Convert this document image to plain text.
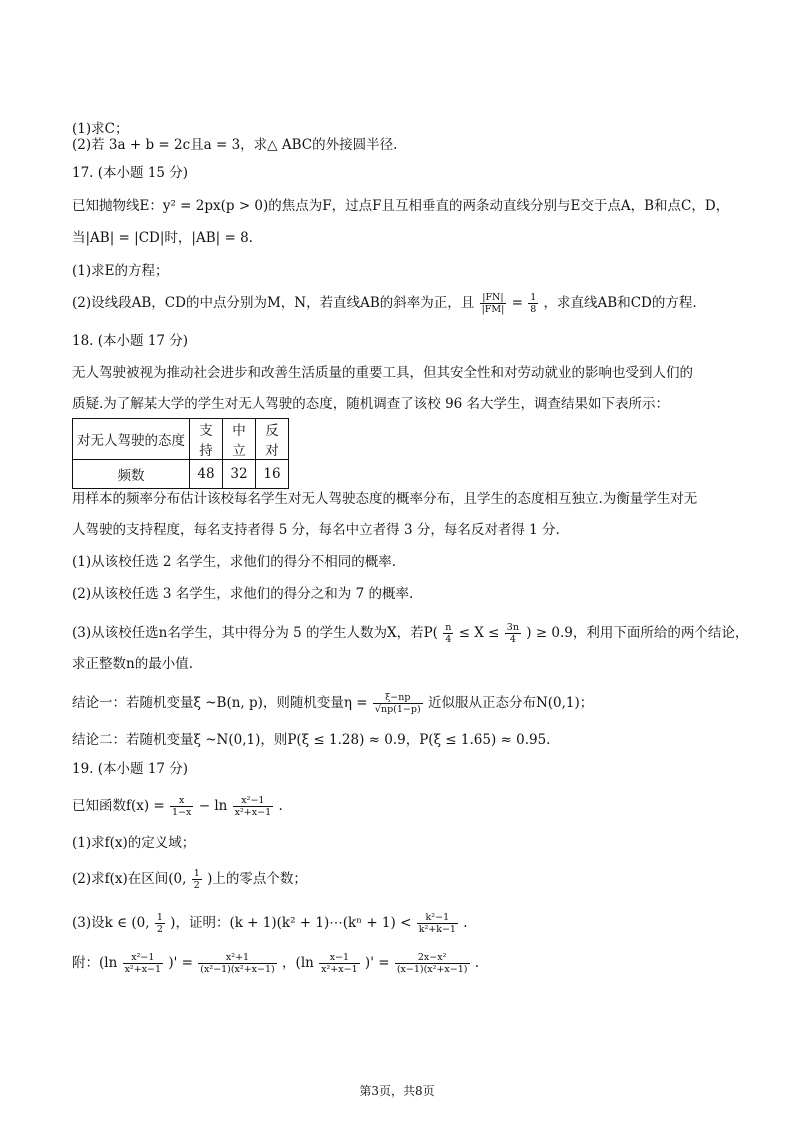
(1)求C；
(2)若 3a + b = 2c且a = 3，求△ ABC的外接圆半径.
17. (本小题 15 分)
已知抛物线E：y² = 2px(p > 0)的焦点为F，过点F且互相垂直的两条动直线分别与E交于点A，B和点C，D，
当|AB| = |CD|时，|AB| = 8.
(1)求E的方程；
(2)设线段AB，CD的中点分别为M，N，若直线AB的斜率为正，且 $\frac{|FN|}{|FM|} = \frac{1}{8}$ ，求直线AB和CD的方程.
18. (本小题 17 分)
无人驾驶被视为推动社会进步和改善生活质量的重要工具，但其安全性和对劳动就业的影响也受到人们的
质疑.为了解某大学的学生对无人驾驶的态度，随机调查了该校 96 名大学生，调查结果如下表所示：
对无人驾驶的态度	支持	中立	反对
频数	48	32	16
用样本的频率分布估计该校每名学生对无人驾驶态度的概率分布，且学生的态度相互独立.为衡量学生对无
人驾驶的支持程度，每名支持者得 5 分，每名中立者得 3 分，每名反对者得 1 分.
(1)从该校任选 2 名学生，求他们的得分不相同的概率.
(2)从该校任选 3 名学生，求他们的得分之和为 7 的概率.
(3)从该校任选n名学生，其中得分为 5 的学生人数为X，若$P( \frac{n}{4} \le X \le \frac{3n}{4}$ ) ≥ 0.9，利用下面所给的两个结论，
求正整数n的最小值.
结论一：若随机变量ξ ~B(n, p)，则随机变量$\eta = \frac{\xi-np}{√np(1-p)}$ 近似服从正态分布N(0,1)；
结论二：若随机变量ξ ~N(0,1)，则P(ξ ≤ 1.28) ≈ 0.9，P(ξ ≤ 1.65) ≈ 0.95.
19. (本小题 17 分)
已知函数$f(x) = \frac{x}{1-x} - \ln \frac{\text{x²−1}}{\text{x²+x−1}}$ .
(1)求f(x)的定义域；
(2)求f(x)在区间(0, $\frac{1}{2}$ )上的零点个数；
(3)设k ∈ (0, $\frac{1}{2}$ )，证明：(k + 1)(k² + 1)⋯(kⁿ + $1) < \frac{\text{k²−1}}{\text{k²+k−1}}$ .
附：($\ln \frac{\text{x²−1}}{\text{x²+x−1}}$ )' = $\frac{\text{x²+1}}{\text{(x²−1)(x²+x−1)}}$ ，($\ln \frac{x-1}{\text{x²+x−1}}$ )' = $\frac{\text{2x−x²}}{\text{(x−1)(x²+x−1)}}$ .
第3页，共8页
